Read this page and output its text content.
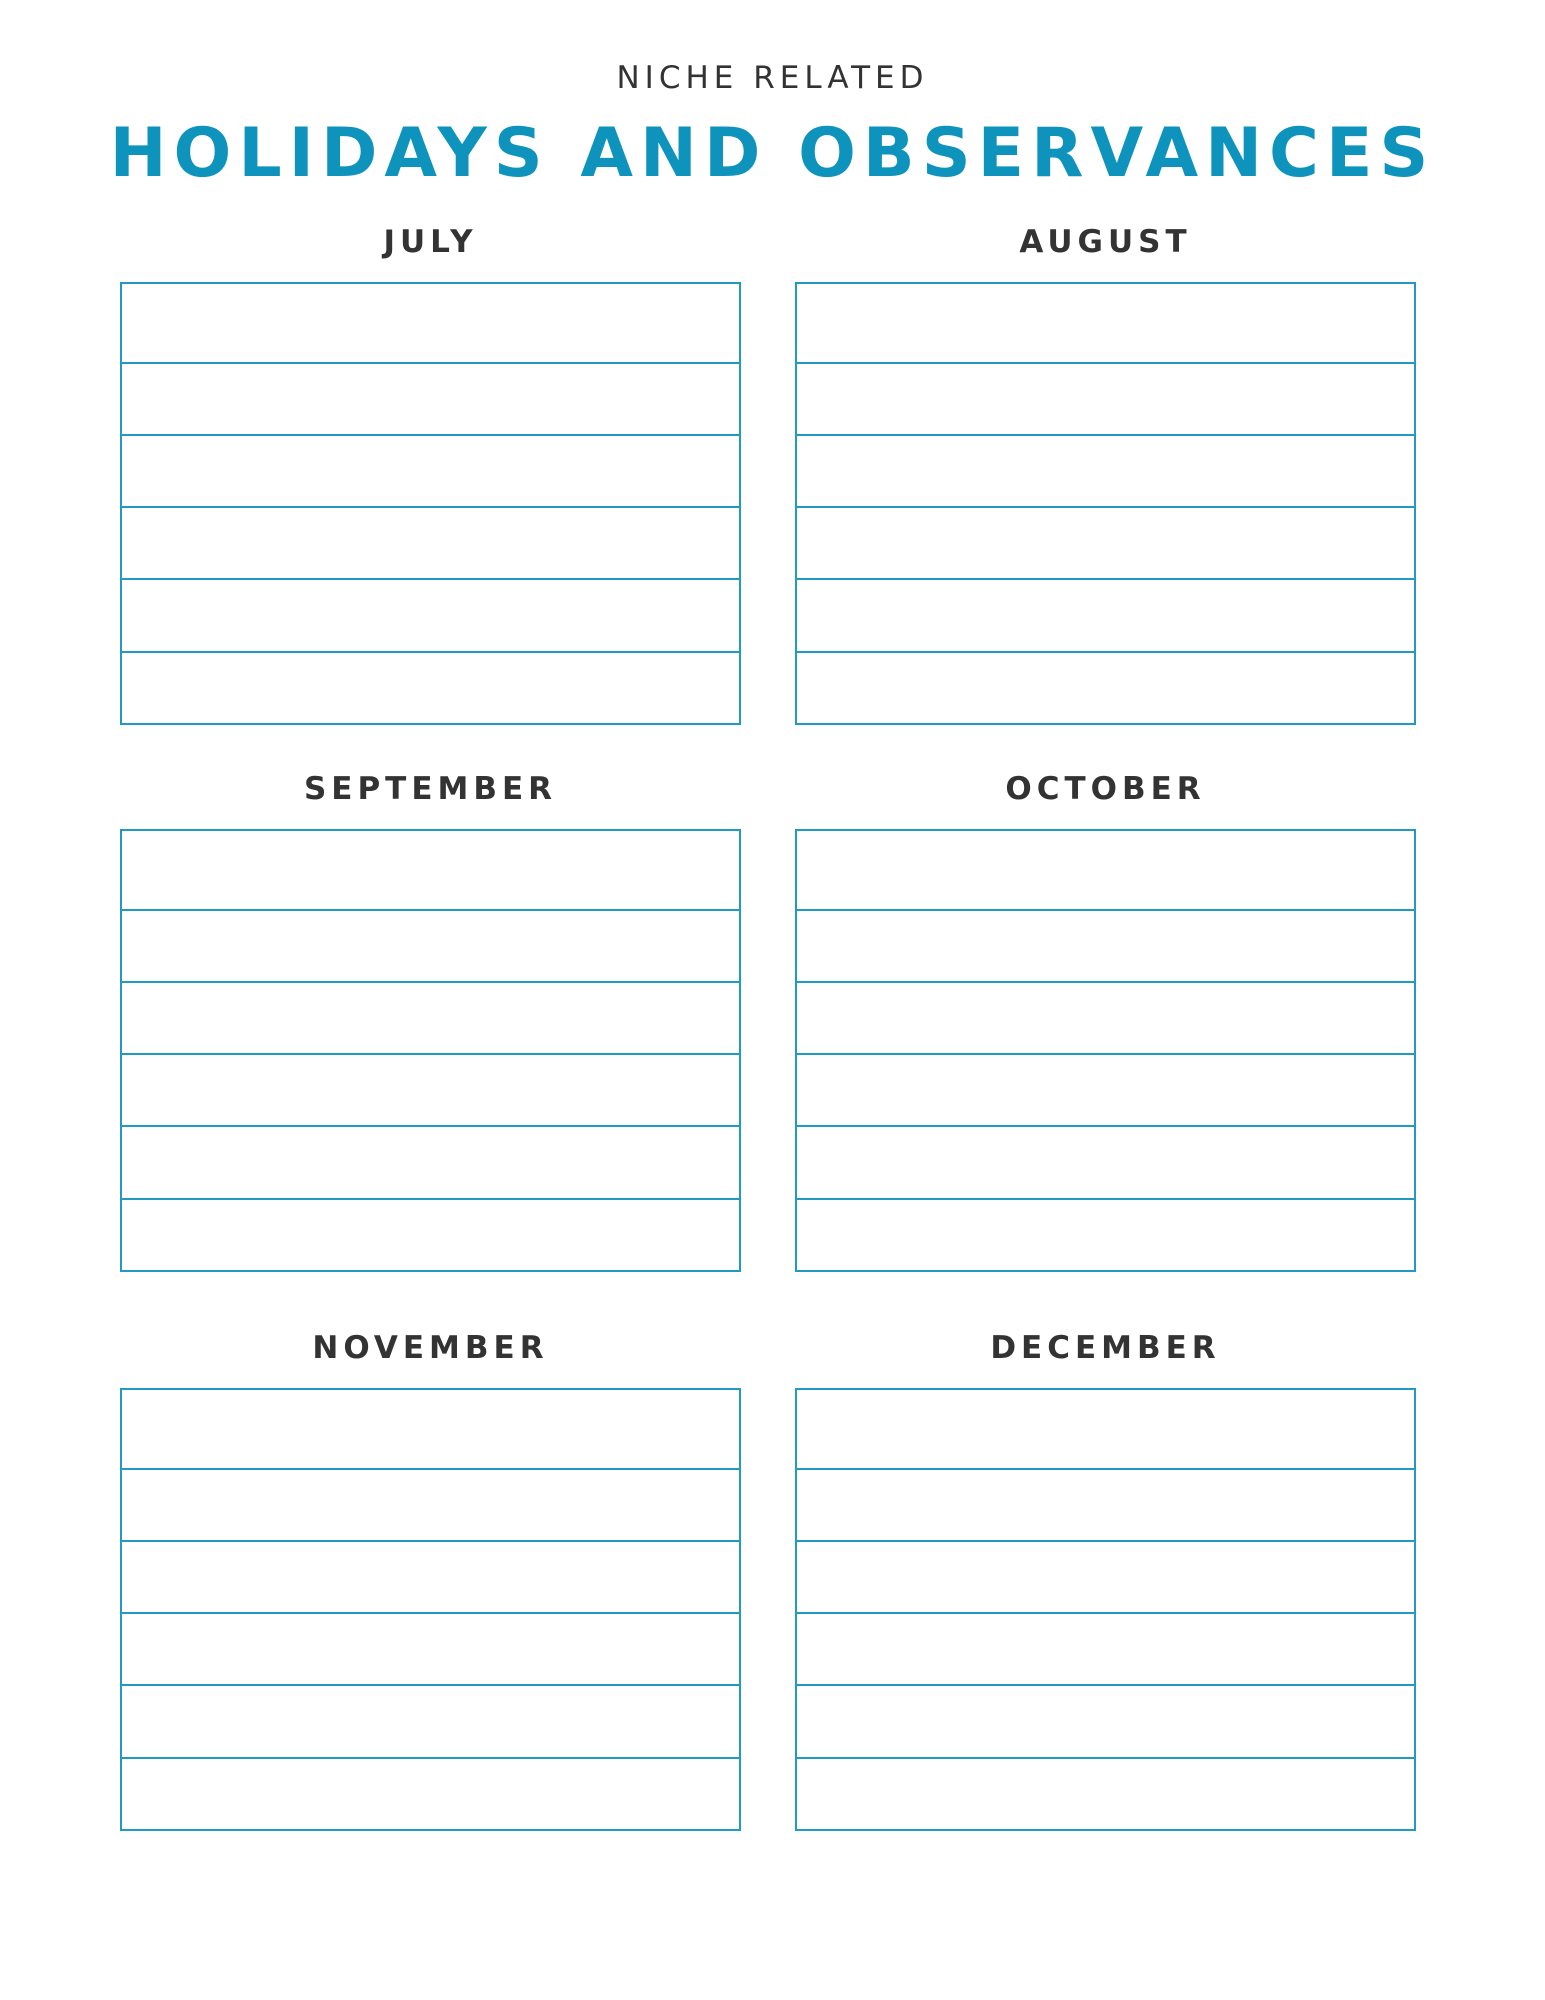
NICHE RELATED
HOLIDAYS AND OBSERVANCES
JULY	AUGUST
SEPTEMBER	OCTOBER
NOVEMBER	DECEMBER
